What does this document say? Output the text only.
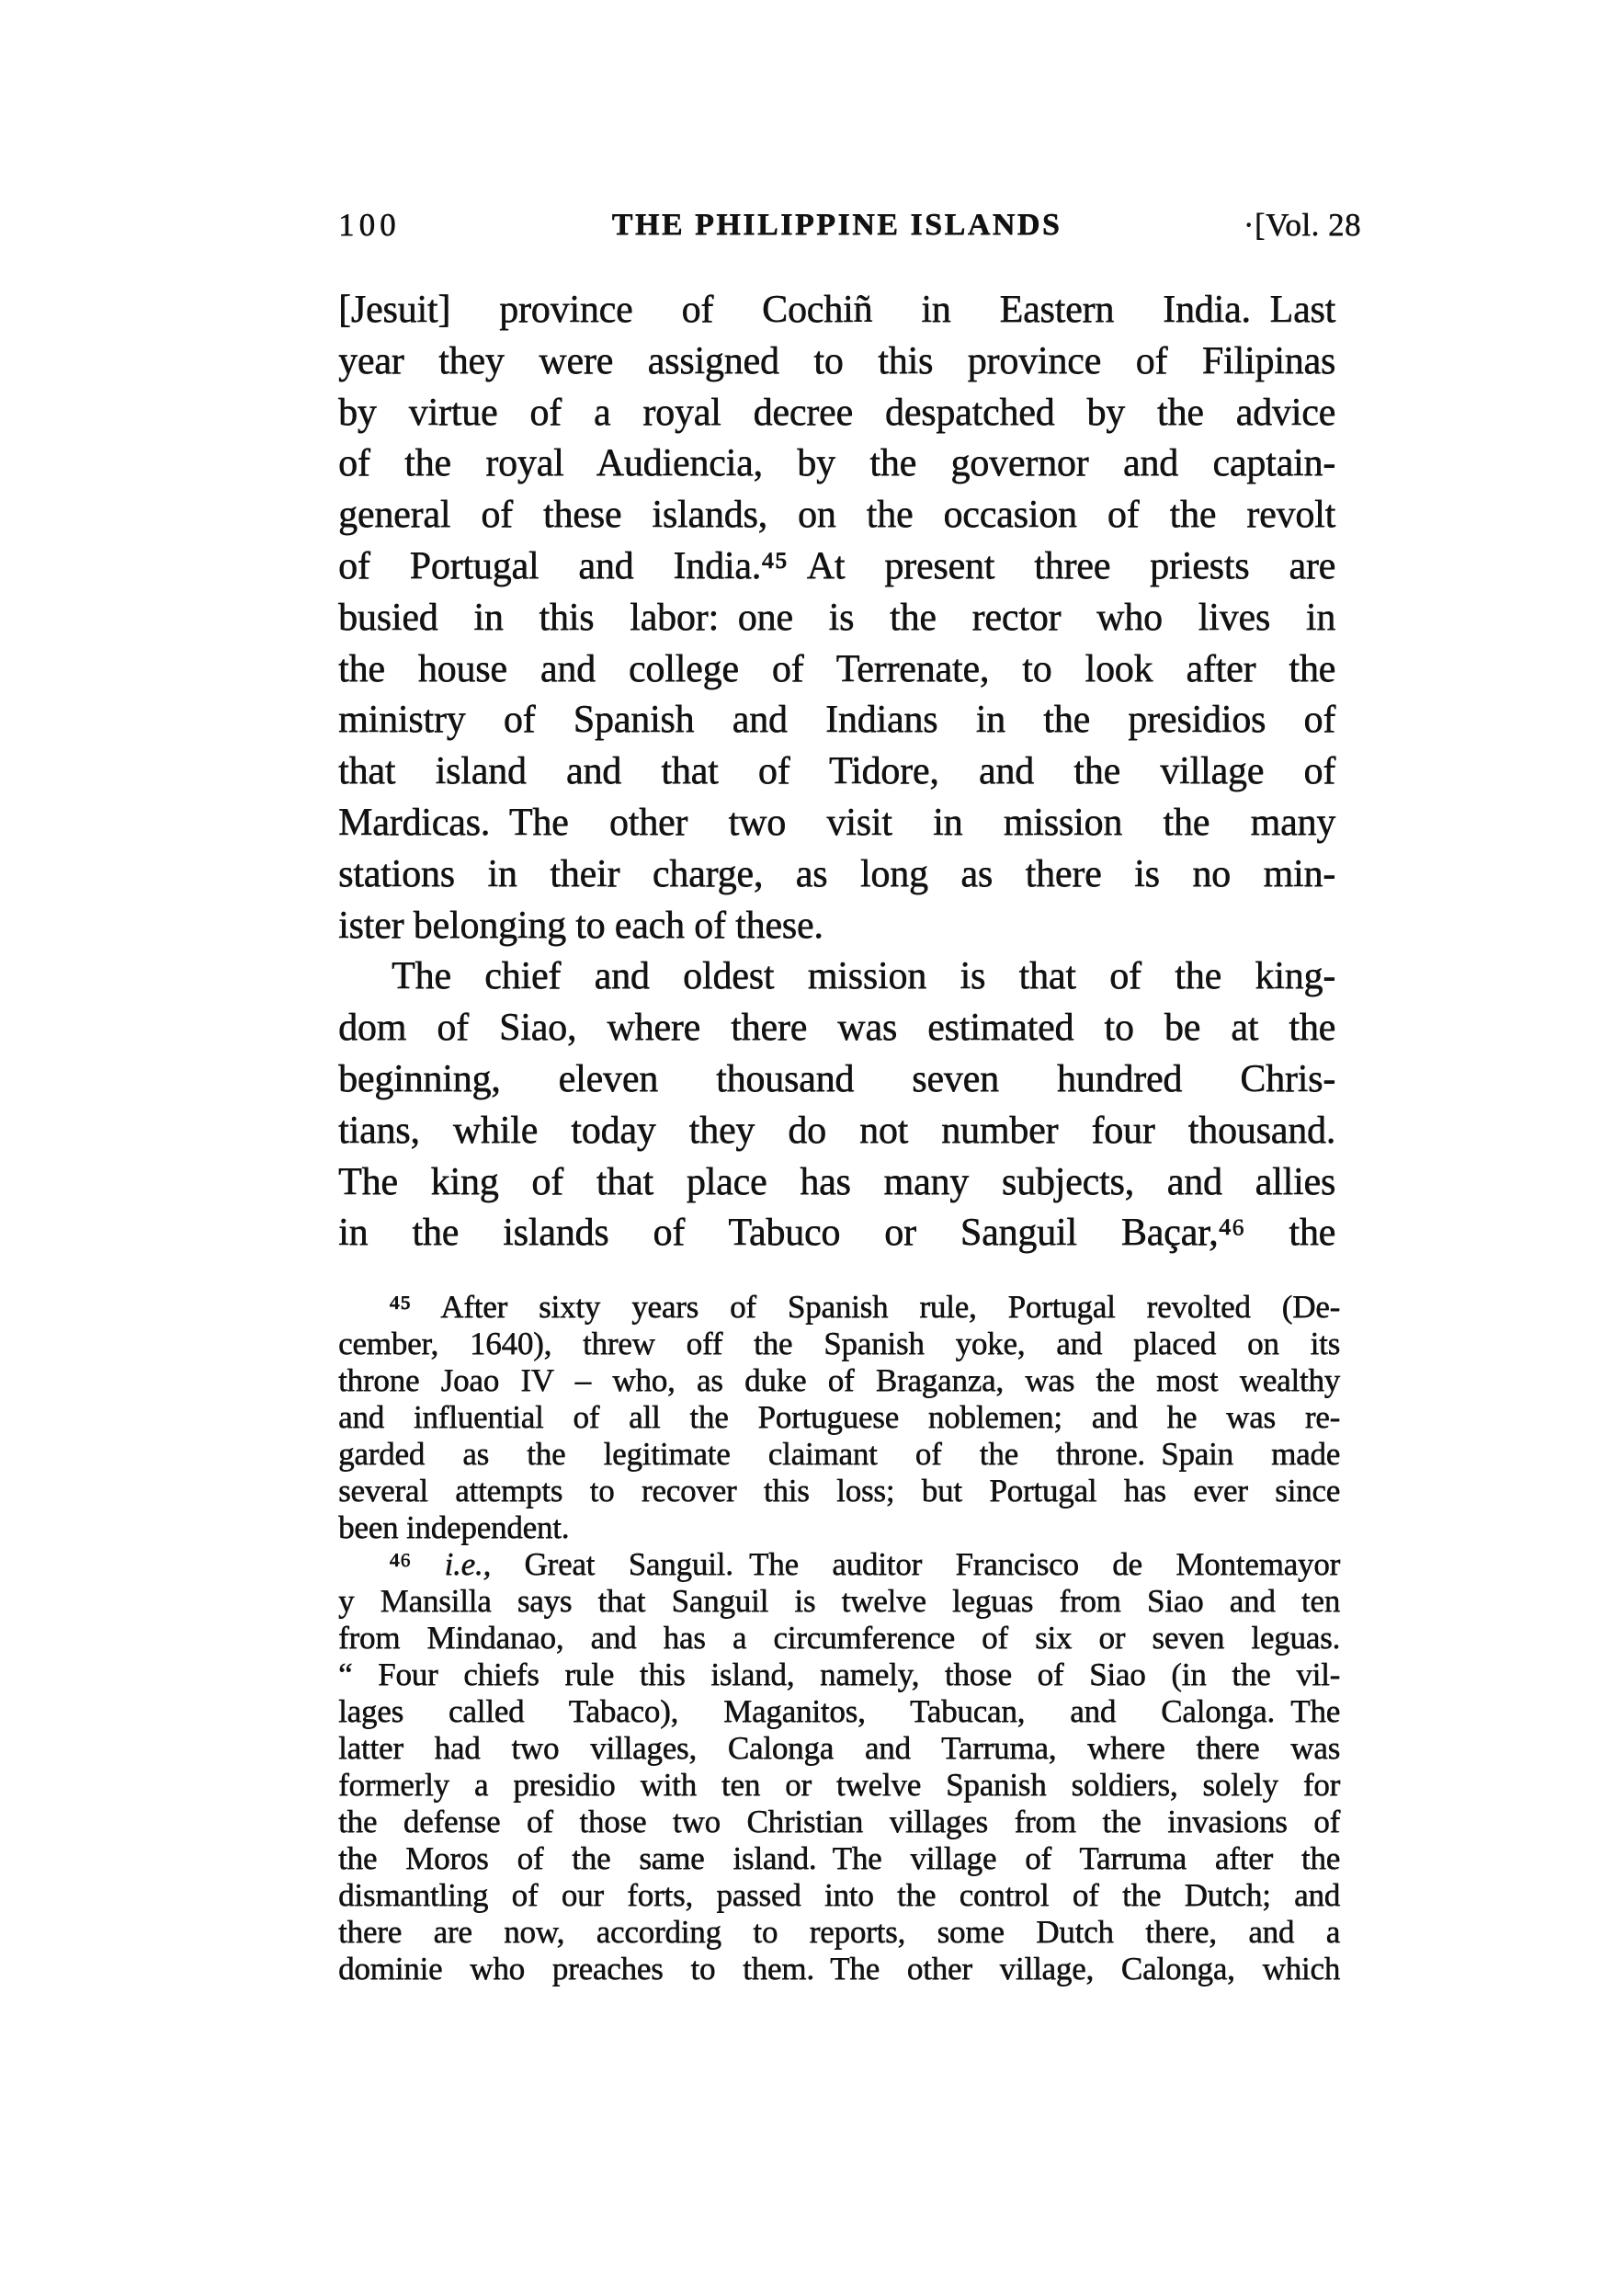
100	THE PHILIPPINE ISLANDS	·[Vol. 28
[Jesuit] province of Cochiñ in Eastern India. Last
year they were assigned to this province of Filipinas
by virtue of a royal decree despatched by the advice
of the royal Audiencia, by the governor and captain-
general of these islands, on the occasion of the revolt
of Portugal and India.⁴⁵ At present three priests are
busied in this labor: one is the rector who lives in
the house and college of Terrenate, to look after the
ministry of Spanish and Indians in the presidios of
that island and that of Tidore, and the village of
Mardicas. The other two visit in mission the many
stations in their charge, as long as there is no min-
ister belonging to each of these.
The chief and oldest mission is that of the king-
dom of Siao, where there was estimated to be at the
beginning, eleven thousand seven hundred Chris-
tians, while today they do not number four thousand.
The king of that place has many subjects, and allies
in the islands of Tabuco or Sanguil Baçar,⁴⁶ the
⁴⁵ After sixty years of Spanish rule, Portugal revolted (De-
cember, 1640), threw off the Spanish yoke, and placed on its
throne Joao IV – who, as duke of Braganza, was the most wealthy
and influential of all the Portuguese noblemen; and he was re-
garded as the legitimate claimant of the throne. Spain made
several attempts to recover this loss; but Portugal has ever since
been independent.
⁴⁶ i.e., Great Sanguil. The auditor Francisco de Montemayor
y Mansilla says that Sanguil is twelve leguas from Siao and ten
from Mindanao, and has a circumference of six or seven leguas.
“ Four chiefs rule this island, namely, those of Siao (in the vil-
lages called Tabaco), Maganitos, Tabucan, and Calonga. The
latter had two villages, Calonga and Tarruma, where there was
formerly a presidio with ten or twelve Spanish soldiers, solely for
the defense of those two Christian villages from the invasions of
the Moros of the same island. The village of Tarruma after the
dismantling of our forts, passed into the control of the Dutch; and
there are now, according to reports, some Dutch there, and a
dominie who preaches to them. The other village, Calonga, which
